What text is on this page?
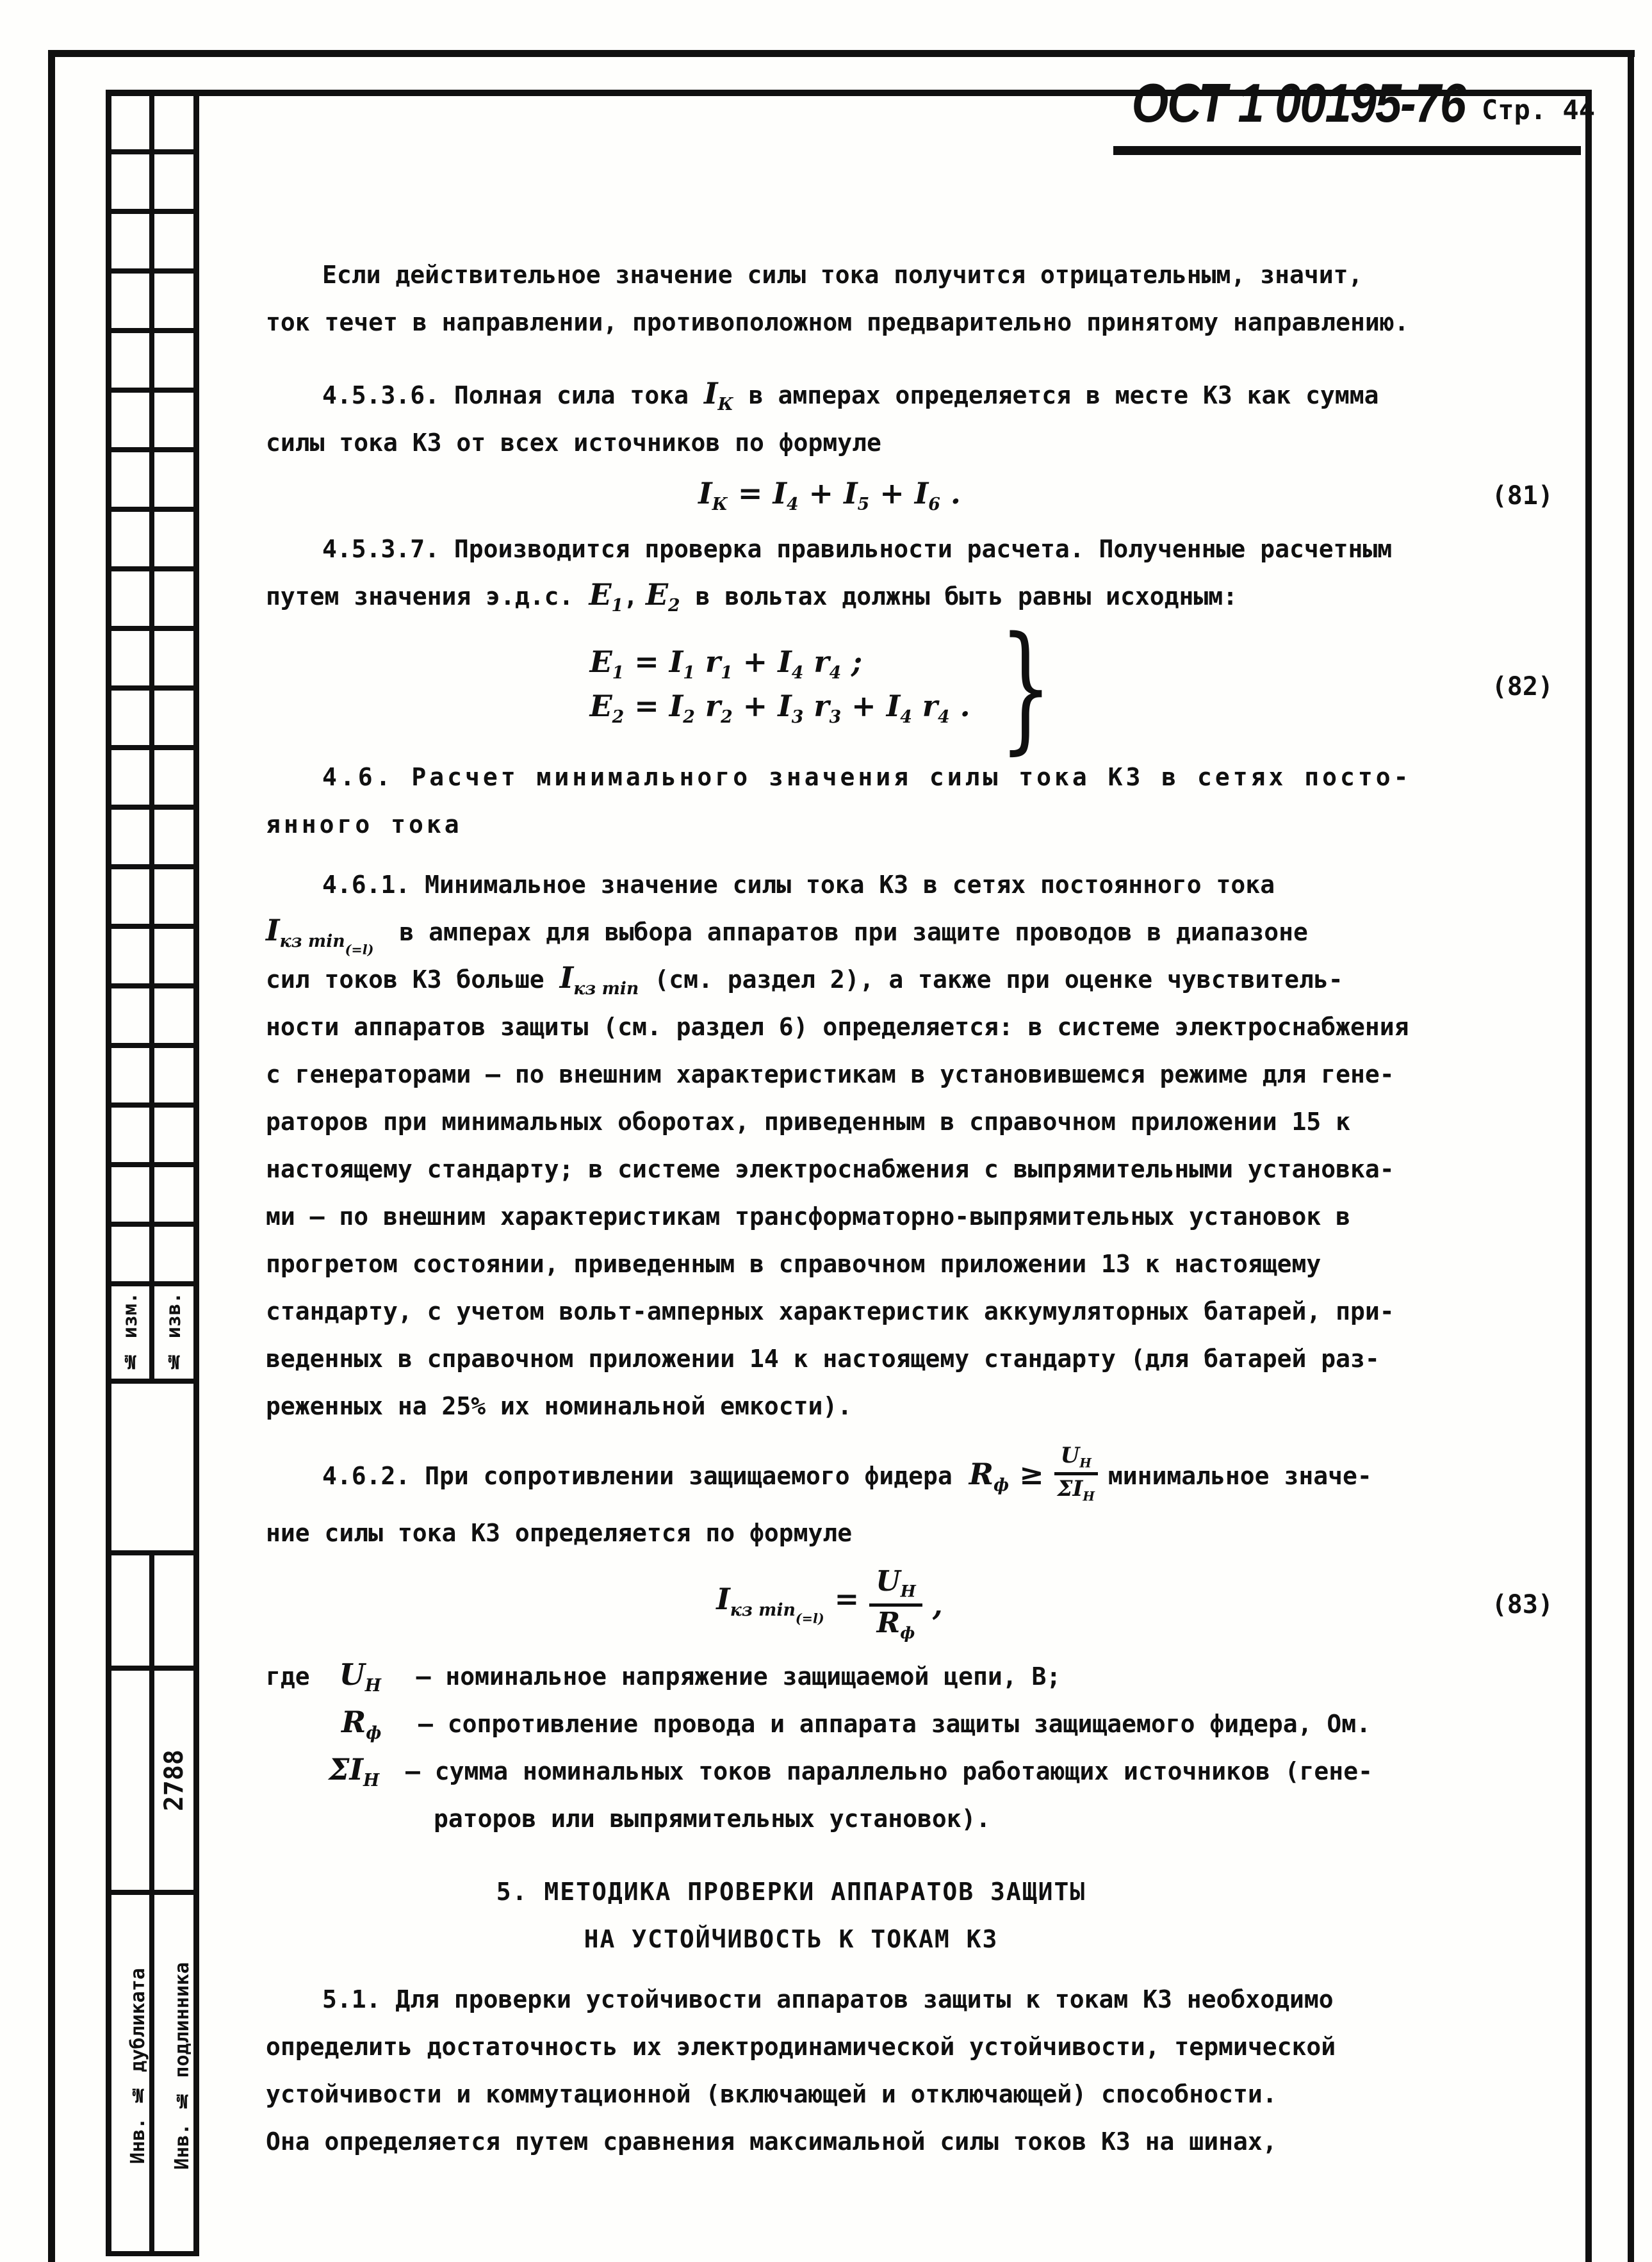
№ изм. № изв.
2788
Инв. № дубликата Инв. № подлинника
ОСТ 1 00195-76 Стр. 44
Если действительное значение силы тока получится отрицательным, значит,
ток течет в направлении, противоположном предварительно принятому направлению.
4.5.3.6. Полная сила тока $I_К$ в амперах определяется в месте КЗ как сумма
силы тока КЗ от всех источников по формуле
$I_К = I_4 + I_5 + I_6$ .	(81)
4.5.3.7. Производится проверка правильности расчета. Полученные расчетным
путем значения э.д.с. $E_1$, $E_2$ в вольтах должны быть равны исходным:
$E_1 = I_1$ $r_1 + I_4$ $r_4$ ;
$E_2 = I_2$ $r_2 + I_3$ $r_3 + I_4$ $r_4$ . }	(82)
4.6. Расчет минимального значения силы тока КЗ в сетях посто-
янного тока
4.6.1. Минимальное значение силы тока КЗ в сетях постоянного тока
$I_{кз}$ $_{min(=l)}$в амперах для выбора аппаратов при защите проводов в диапазоне
сил токов КЗ больше $I_{кз}$ $_{min}$ (см. раздел 2), а также при оценке чувствитель-
ности аппаратов защиты (см. раздел 6) определяется: в системе электроснабжения
с генераторами – по внешним характеристикам в установившемся режиме для гене-
раторов при минимальных оборотах, приведенным в справочном приложении 15 к
настоящему стандарту; в системе электроснабжения с выпрямительными установка-
ми – по внешним характеристикам трансформаторно-выпрямительных установок в
прогретом состоянии, приведенным в справочном приложении 13 к настоящему
стандарту, с учетом вольт-амперных характеристик аккумуляторных батарей, при-
веденных в справочном приложении 14 к настоящему стандарту (для батарей раз-
реженных на 25% их номинальной емкости).
4.6.2. При сопротивлении защищаемого фидера $R_ф \ge \frac{U_Н}{\Sigma I_Н}$ минимальное значе-
ние силы тока КЗ определяется по формуле
$I_{кз}$ $_{min(=l)} = \frac{U_Н}{R_ф}$ ,	(83)
где $U_Н$ – номинальное напряжение защищаемой цепи, В;
$R_ф$ – сопротивление провода и аппарата защиты защищаемого фидера, Ом.
$\Sigma I_Н$ – сумма номинальных токов параллельно работающих источников (гене-
раторов или выпрямительных установок).
5. МЕТОДИКА ПРОВЕРКИ АППАРАТОВ ЗАЩИТЫ
НА УСТОЙЧИВОСТЬ К ТОКАМ КЗ
5.1. Для проверки устойчивости аппаратов защиты к токам КЗ необходимо
определить достаточность их электродинамической устойчивости, термической
устойчивости и коммутационной (включающей и отключающей) способности.
Она определяется путем сравнения максимальной силы токов КЗ на шинах,
